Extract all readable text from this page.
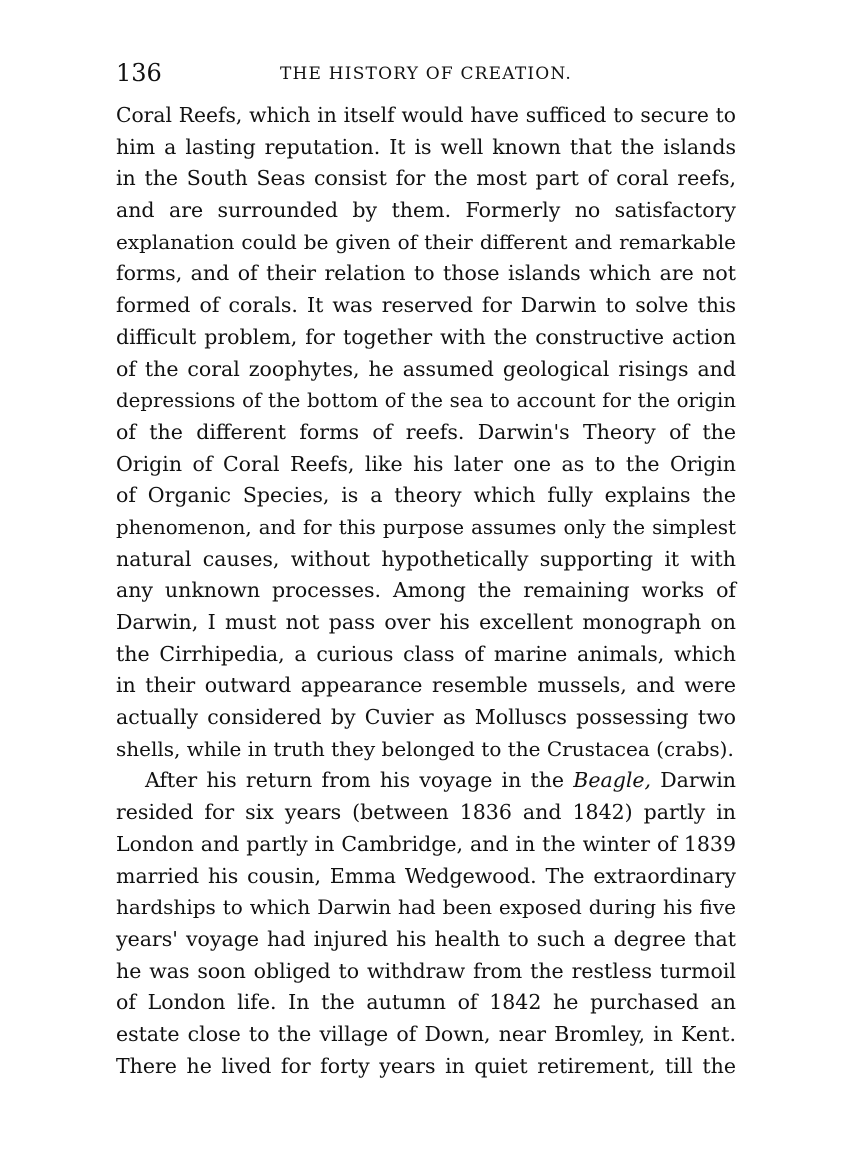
136	THE HISTORY OF CREATION.
Coral Reefs, which in itself would have sufficed to secure to
him a lasting reputation. It is well known that the islands
in the South Seas consist for the most part of coral reefs,
and are surrounded by them. Formerly no satisfactory
explanation could be given of their different and remarkable
forms, and of their relation to those islands which are not
formed of corals. It was reserved for Darwin to solve this
difficult problem, for together with the constructive action
of the coral zoophytes, he assumed geological risings and
depressions of the bottom of the sea to account for the origin
of the different forms of reefs. Darwin's Theory of the
Origin of Coral Reefs, like his later one as to the Origin
of Organic Species, is a theory which fully explains the
phenomenon, and for this purpose assumes only the simplest
natural causes, without hypothetically supporting it with
any unknown processes. Among the remaining works of
Darwin, I must not pass over his excellent monograph on
the Cirrhipedia, a curious class of marine animals, which
in their outward appearance resemble mussels, and were
actually considered by Cuvier as Molluscs possessing two
shells, while in truth they belonged to the Crustacea (crabs).
After his return from his voyage in the Beagle, Darwin
resided for six years (between 1836 and 1842) partly in
London and partly in Cambridge, and in the winter of 1839
married his cousin, Emma Wedgewood. The extraordinary
hardships to which Darwin had been exposed during his five
years' voyage had injured his health to such a degree that
he was soon obliged to withdraw from the restless turmoil
of London life. In the autumn of 1842 he purchased an
estate close to the village of Down, near Bromley, in Kent.
There he lived for forty years in quiet retirement, till the
